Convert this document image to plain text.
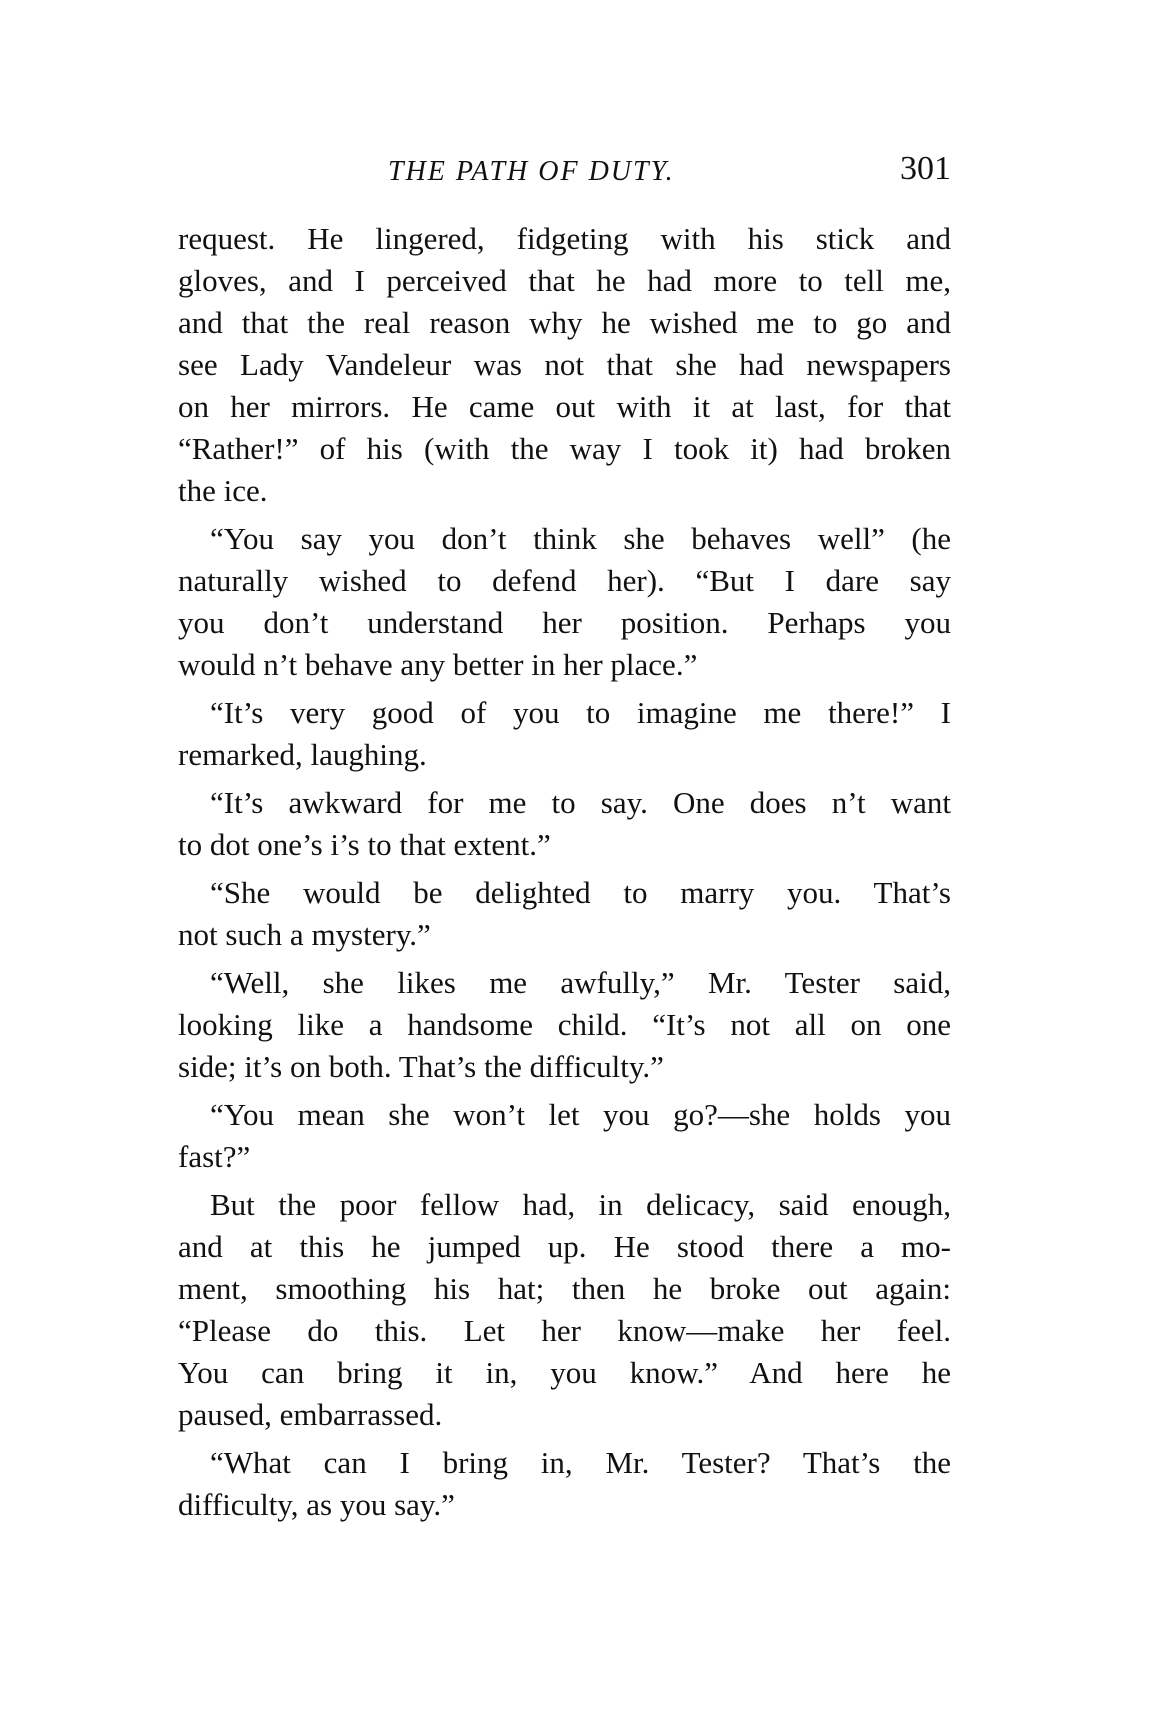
THE PATH OF DUTY.	301
request. He lingered, fidgeting with his stick and
gloves, and I perceived that he had more to tell me,
and that the real reason why he wished me to go and
see Lady Vandeleur was not that she had newspapers
on her mirrors. He came out with it at last, for that
“Rather!” of his (with the way I took it) had broken
the ice.
“You say you don’t think she behaves well” (he
naturally wished to defend her). “But I dare say
you don’t understand her position. Perhaps you
would n’t behave any better in her place.”
“It’s very good of you to imagine me there!” I
remarked, laughing.
“It’s awkward for me to say. One does n’t want
to dot one’s i’s to that extent.”
“She would be delighted to marry you. That’s
not such a mystery.”
“Well, she likes me awfully,” Mr. Tester said,
looking like a handsome child. “It’s not all on one
side; it’s on both. That’s the difficulty.”
“You mean she won’t let you go?—she holds you
fast?”
But the poor fellow had, in delicacy, said enough,
and at this he jumped up. He stood there a mo-
ment, smoothing his hat; then he broke out again:
“Please do this. Let her know—make her feel.
You can bring it in, you know.” And here he
paused, embarrassed.
“What can I bring in, Mr. Tester? That’s the
difficulty, as you say.”
